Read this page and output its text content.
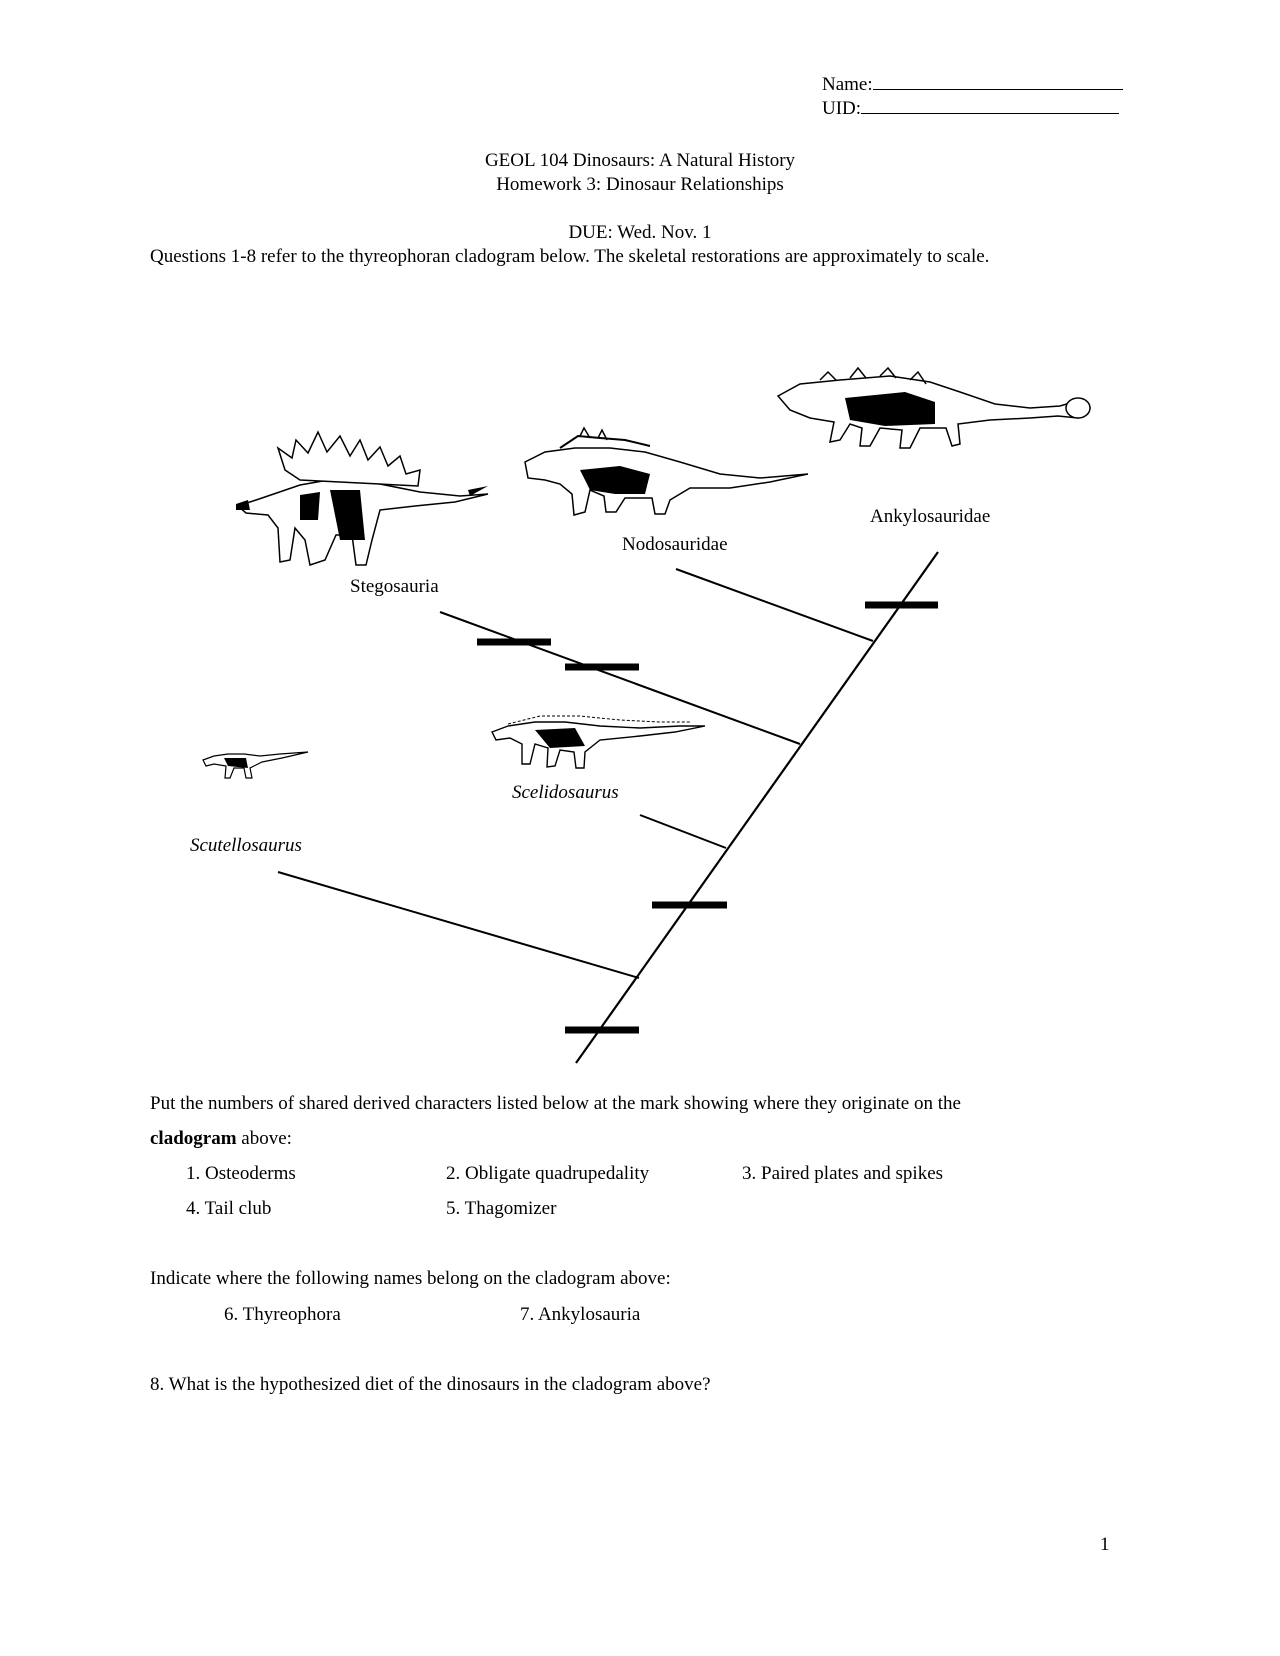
Name:
UID:
GEOL 104 Dinosaurs: A Natural History
Homework 3: Dinosaur Relationships
DUE: Wed. Nov. 1
Questions 1-8 refer to the thyreophoran cladogram below. The skeletal restorations are approximately to scale.
Ankylosauridae
Nodosauridae
Stegosauria
Scelidosaurus
Scutellosaurus
Put the numbers of shared derived characters listed below at the mark showing where they originate on the
cladogram above:
1. Osteoderms	2. Obligate quadrupedality	3. Paired plates and spikes
4. Tail club	5. Thagomizer
Indicate where the following names belong on the cladogram above:
6. Thyreophora	7. Ankylosauria
8. What is the hypothesized diet of the dinosaurs in the cladogram above?
1
